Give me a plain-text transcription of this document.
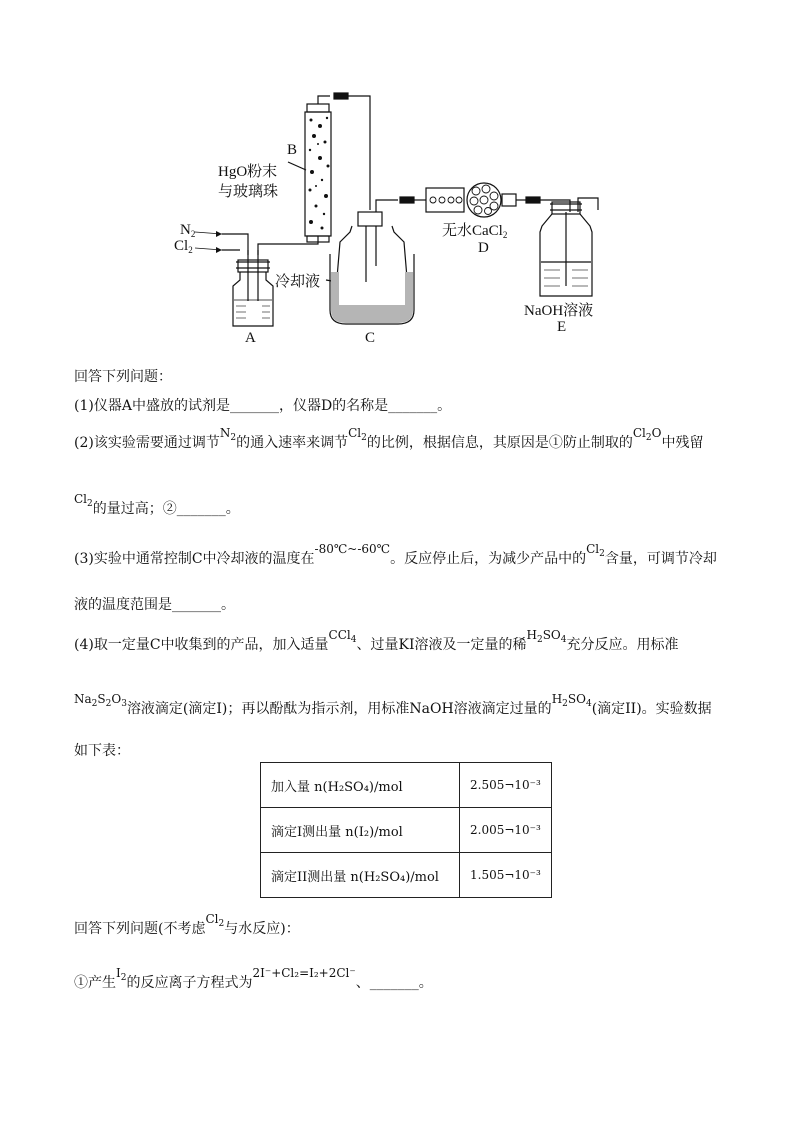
B
HgO粉末
与玻璃珠
$N_2$
$Cl_2$
冷却液
A	C
无水CaCl$_2$
D
NaOH溶液
E
回答下列问题：
(1)仪器A中盛放的试剂是_______，仪器D的名称是_______。
(2)该实验需要通过调节$N_2$的通入速率来调节$Cl_2$的比例，根据信息，其原因是①防止制取的$Cl_2O$中残留
$Cl_2$的量过高；②_______。
(3)实验中通常控制C中冷却液的温度在-80℃~-60℃。反应停止后，为减少产品中的$Cl_2$含量，可调节冷却
液的温度范围是_______。
(4)取一定量C中收集到的产品，加入适量CCl$_4$、过量KI溶液及一定量的稀$H_2SO_4$充分反应。用标准
$Na_2S_2O_3$溶液滴定(滴定I)；再以酚酞为指示剂，用标准NaOH溶液滴定过量的$H_2SO_4$(滴定II)。实验数据
如下表：
加入量 n(H₂SO₄)/mol	2.505¬10⁻³
滴定I测出量 n(I₂)/mol	2.005¬10⁻³
滴定II测出量 n(H₂SO₄)/mol	1.505¬10⁻³
回答下列问题(不考虑$Cl_2$与水反应)：
①产生$I_2$的反应离子方程式为2I⁻+Cl₂=I₂+2Cl⁻、_______。
